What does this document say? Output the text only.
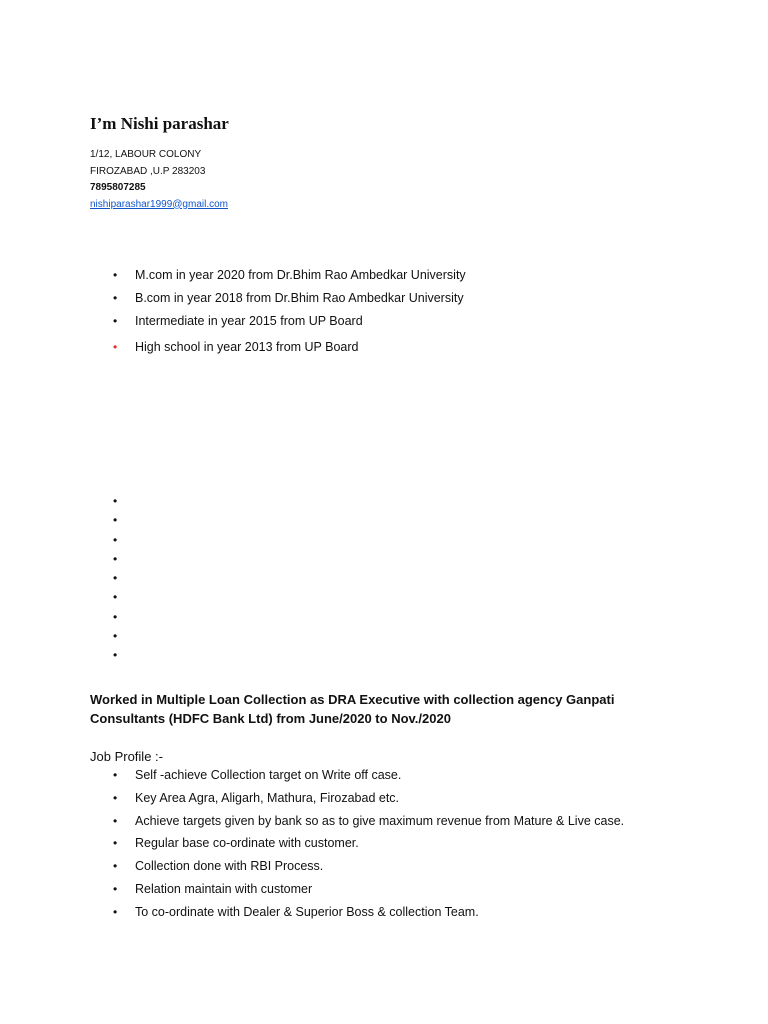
I’m Nishi parashar
1/12, LABOUR COLONY
FIROZABAD ,U.P 283203
7895807285
nishiparashar1999@gmail.com
• M.com in year 2020 from Dr.Bhim Rao Ambedkar University
• B.com in year 2018 from Dr.Bhim Rao Ambedkar University
• Intermediate in year 2015 from UP Board
• High school in year 2013 from UP Board
•
•
•
•
•
•
•
•
•
Worked in Multiple Loan Collection as DRA Executive with collection agency Ganpati
Consultants (HDFC Bank Ltd) from June/2020 to Nov./2020
Job Profile :-
• Self -achieve Collection target on Write off case.
• Key Area Agra, Aligarh, Mathura, Firozabad etc.
• Achieve targets given by bank so as to give maximum revenue from Mature & Live case.
• Regular base co-ordinate with customer.
• Collection done with RBI Process.
• Relation maintain with customer
• To co-ordinate with Dealer & Superior Boss & collection Team.
